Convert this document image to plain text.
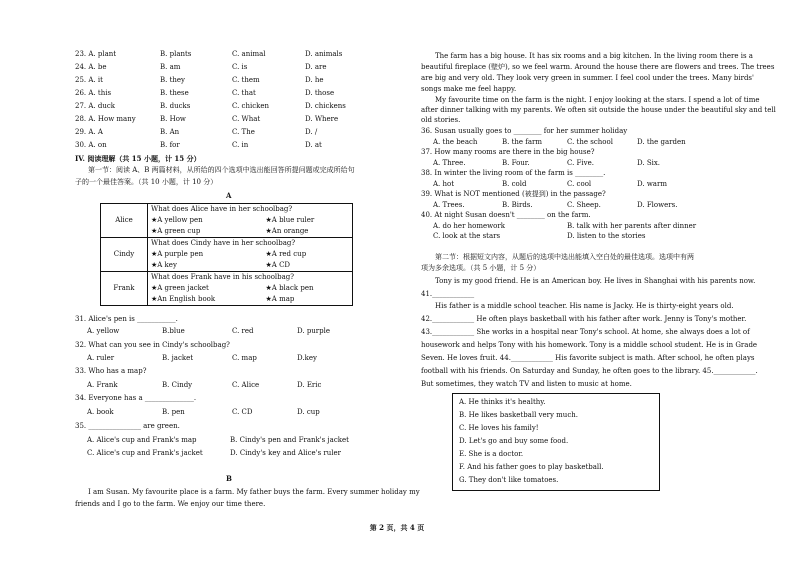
23. A. plant	B. plants	C. animal	D. animals
24. A. be	B. am	C. is	D. are
25. A. it	B. they	C. them	D. he
26. A. this	B. these	C. that	D. those
27. A. duck	B. ducks	C. chicken	D. chickens
28. A. How many	B. How	C. What	D. Where
29. A. A	B. An	C. The	D. /
30. A. on	B. for	C. in	D. at
IV. 阅读理解（共 15 小题，计 15 分）
第一节：阅读 A、B 两篇材料，从所给的四个选项中选出能回答所提问题或完成所给句
子的一个最佳答案。（共 10 小题，计 10 分）
A
Alice	What does Alice have in her schoolbag?	
	★A yellow pen	★A blue ruler
	★A green cup	★An orange
Cindy	What does Cindy have in her schoolbag?	
	★A purple pen	★A red cup
	★A key	★A CD
Frank	What does Frank have in his schoolbag?	
	★A green jacket	★A black pen
	★An English book	★A map
31. Alice's pen is ___________.
A. yellow	B.blue	C. red	D. purple
32. What can you see in Cindy's schoolbag?
A. ruler	B. jacket	C. map	D.key
33. Who has a map?
A. Frank	B. Cindy	C. Alice	D. Eric
34. Everyone has a ______________.
A. book	B. pen	C. CD	D. cup
35. _______________ are green.
A. Alice's cup and Frank's map	B. Cindy's pen and Frank's jacket
C. Alice's cup and Frank's jacket	D. Cindy's key and Alice's ruler
B
I am Susan. My favourite place is a farm. My father buys the farm. Every summer holiday my
friends and I go to the farm. We enjoy our time there.
The farm has a big house. It has six rooms and a big kitchen. In the living room there is a
beautiful fireplace (壁炉), so we feel warm. Around the house there are flowers and trees. The trees
are big and very old. They look very green in summer. I feel cool under the trees. Many birds'
songs make me feel happy.
My favourite time on the farm is the night. I enjoy looking at the stars. I spend a lot of time
after dinner talking with my parents. We often sit outside the house under the beautiful sky and tell
old stories.
36. Susan usually goes to ________ for her summer holiday
A. the beach	B. the farm	C. the school	D. the garden
37. How many rooms are there in the big house?
A. Three.	B. Four.	C. Five.	D. Six.
38. In winter the living room of the farm is ________.
A. hot	B. cold	C. cool	D. warm
39. What is NOT mentioned (被提到) in the passage?
A. Trees.	B. Birds.	C. Sheep.	D. Flowers.
40. At night Susan doesn't ________ on the farm.
A. do her homework	B. talk with her parents after dinner
C. look at the stars	D. listen to the stories
第二节：根据短文内容，从题后的选项中选出能填入空白处的最佳选项。选项中有两
项为多余选项。（共 5 小题，计 5 分）
Tony is my good friend. He is an American boy. He lives in Shanghai with his parents now.
41.____________
His father is a middle school teacher. His name is Jacky. He is thirty-eight years old.
42.____________ He often plays basketball with his father after work. Jenny is Tony's mother.
43.____________ She works in a hospital near Tony's school. At home, she always does a lot of
housework and helps Tony with his homework. Tony is a middle school student. He is in Grade
Seven. He loves fruit. 44.____________ His favorite subject is math. After school, he often plays
football with his friends. On Saturday and Sunday, he often goes to the library. 45.____________.
But sometimes, they watch TV and listen to music at home.
A. He thinks it's healthy.
B. He likes basketball very much.
C. He loves his family!
D. Let's go and buy some food.
E. She is a doctor.
F. And his father goes to play basketball.
G. They don't like tomatoes.
第 2 页，共 4 页
